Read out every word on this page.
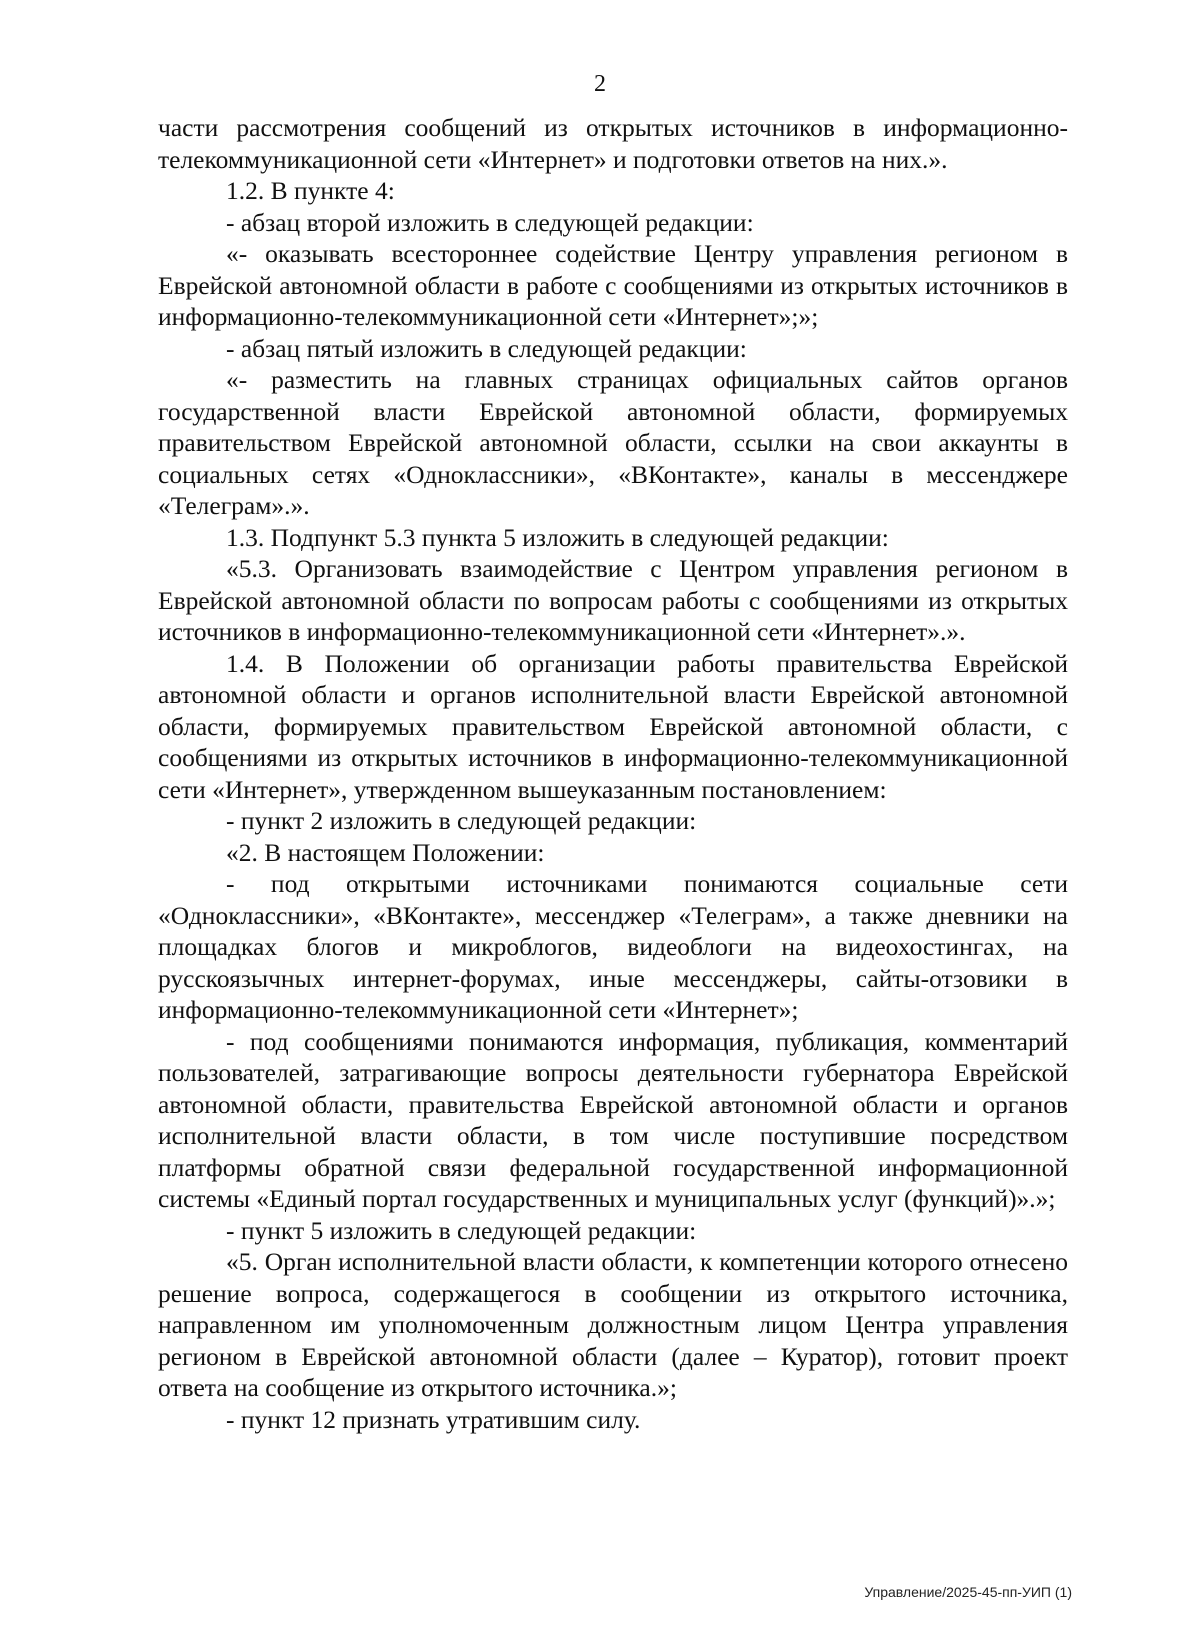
2

части рассмотрения сообщений из открытых источников в информационно-телекоммуникационной сети «Интернет» и подготовки ответов на них.».

1.2. В пункте 4:

- абзац второй изложить в следующей редакции:

«- оказывать всестороннее содействие Центру управления регионом в Еврейской автономной области в работе с сообщениями из открытых источников в информационно-телекоммуникационной сети «Интернет»;»;

- абзац пятый изложить в следующей редакции:

«- разместить на главных страницах официальных сайтов органов государственной власти Еврейской автономной области, формируемых правительством Еврейской автономной области, ссылки на свои аккаунты в социальных сетях «Одноклассники», «ВКонтакте», каналы в мессенджере «Телеграм».».

1.3. Подпункт 5.3 пункта 5 изложить в следующей редакции:

«5.3. Организовать взаимодействие с Центром управления регионом в Еврейской автономной области по вопросам работы с сообщениями из открытых источников в информационно-телекоммуникационной сети «Интернет».».

1.4. В Положении об организации работы правительства Еврейской автономной области и органов исполнительной власти Еврейской автономной области, формируемых правительством Еврейской автономной области, с сообщениями из открытых источников в информационно-телекоммуникационной сети «Интернет», утвержденном вышеуказанным постановлением:

- пункт 2 изложить в следующей редакции:

«2. В настоящем Положении:

- под открытыми источниками понимаются социальные сети «Одноклассники», «ВКонтакте», мессенджер «Телеграм», а также дневники на площадках блогов и микроблогов, видеоблоги на видеохостингах, на русскоязычных интернет-форумах, иные мессенджеры, сайты-отзовики в информационно-телекоммуникационной сети «Интернет»;

- под сообщениями понимаются информация, публикация, комментарий пользователей, затрагивающие вопросы деятельности губернатора Еврейской автономной области, правительства Еврейской автономной области и органов исполнительной власти области, в том числе поступившие посредством платформы обратной связи федеральной государственной информационной системы «Единый портал государственных и муниципальных услуг (функций)».»;

- пункт 5 изложить в следующей редакции:

«5. Орган исполнительной власти области, к компетенции которого отнесено решение вопроса, содержащегося в сообщении из открытого источника, направленном им уполномоченным должностным лицом Центра управления регионом в Еврейской автономной области (далее – Куратор), готовит проект ответа на сообщение из открытого источника.»;

- пункт 12 признать утратившим силу.

Управление/2025-45-пп-УИП (1)
